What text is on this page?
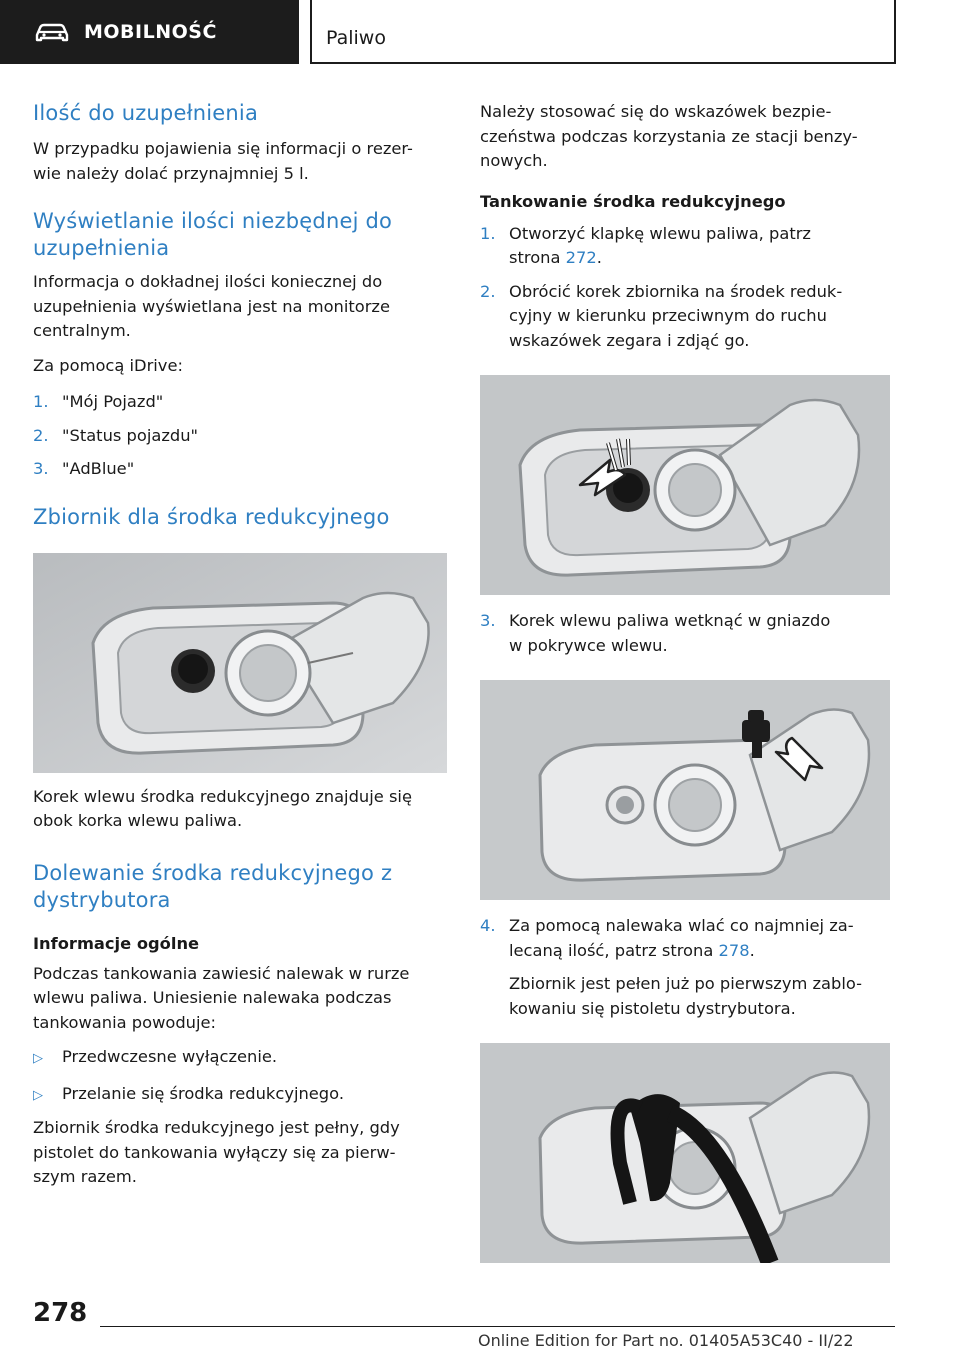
MOBILNOŚĆ	Paliwo
Ilość do uzupełnienia

W przypadku pojawienia się informacji o rezer-
wie należy dolać przynajmniej 5 l.

Wyświetlanie ilości niezbędnej do
uzupełnienia

Informacja o dokładnej ilości koniecznej do
uzupełnienia wyświetlana jest na monitorze
centralnym.

Za pomocą iDrive:

1. "Mój Pojazd"
2. "Status pojazdu"
3. "AdBlue"
Zbiornik dla środka redukcyjnego

Korek wlewu środka redukcyjnego znajduje się
obok korka wlewu paliwa.

Dolewanie środka redukcyjnego z
dystrybutora
Informacje ogólne

Podczas tankowania zawiesić nalewak w rurze
wlewu paliwa. Uniesienie nalewaka podczas
tankowania powoduje:

▷	Przedwczesne wyłączenie.
▷	Przelanie się środka redukcyjnego.

Zbiornik środka redukcyjnego jest pełny, gdy
pistolet do tankowania wyłączy się za pierw-
szym razem.

Należy stosować się do wskazówek bezpie-
czeństwa podczas korzystania ze stacji benzy-
nowych.

Tankowanie środka redukcyjnego
1. Otworzyć klapkę wlewu paliwa, patrz
strona 272.
2. Obrócić korek zbiornika na środek reduk-
cyjny w kierunku przeciwnym do ruchu
wskazówek zegara i zdjąć go.
3. Korek wlewu paliwa wetknąć w gniazdo
w pokrywce wlewu.
4. Za pomocą nalewaka wlać co najmniej za-
lecaną ilość, patrz strona 278.
Zbiornik jest pełen już po pierwszym zablo-
kowaniu się pistoletu dystrybutora.
278
Online Edition for Part no. 01405A53C40 - II/22
